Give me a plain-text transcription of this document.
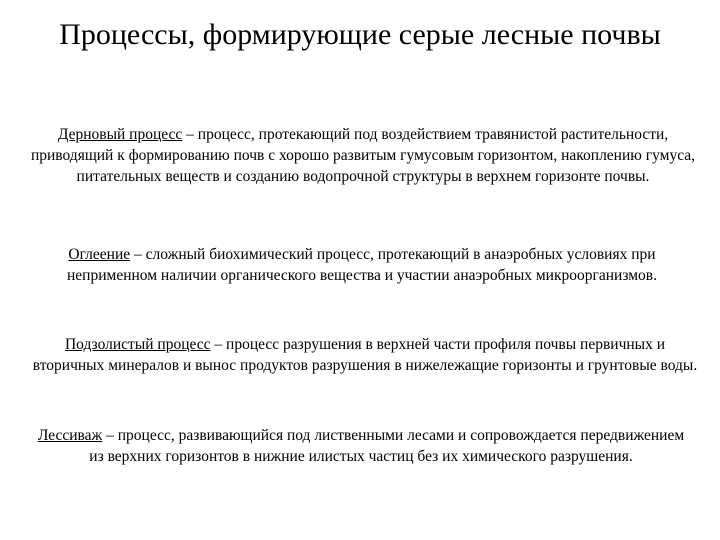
Процессы, формирующие серые лесные почвы

Дерновый процесс – процесс, протекающий под воздействием травянистой растительности, приводящий к формированию почв с хорошо развитым гумусовым горизонтом, накоплению гумуса, питательных веществ и созданию водопрочной структуры в верхнем горизонте почвы.

Оглеение – сложный биохимический процесс, протекающий в анаэробных условиях при неприменном наличии органического вещества и участии анаэробных микроорганизмов.

Подзолистый процесс – процесс разрушения в верхней части профиля почвы первичных и вторичных минералов и вынос продуктов разрушения в нижележащие горизонты и грунтовые воды.

Лессиваж – процесс, развивающийся под лиственными лесами и сопровождается передвижением из верхних горизонтов в нижние илистых частиц без их химического разрушения.
